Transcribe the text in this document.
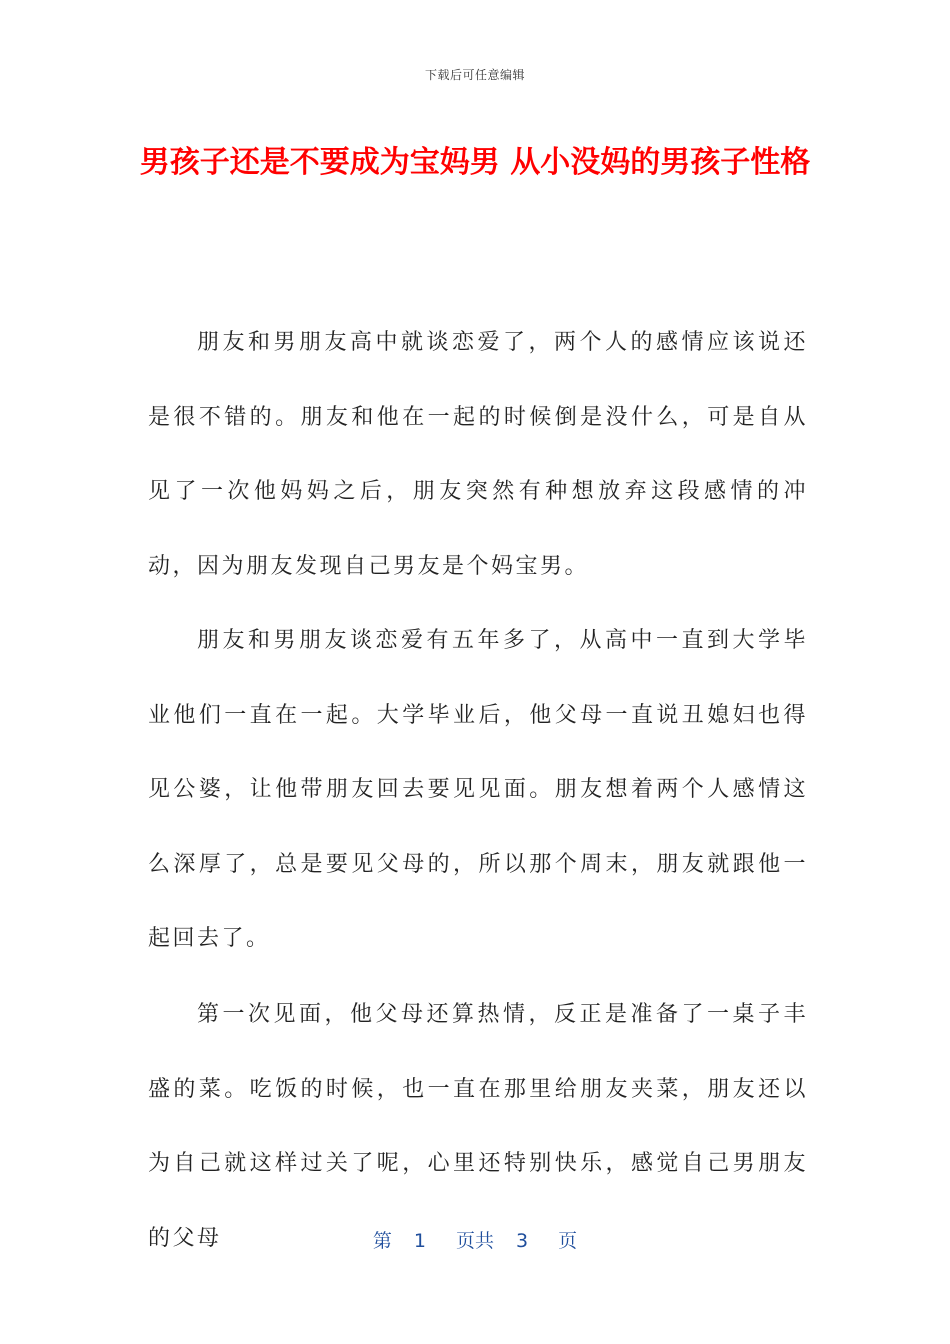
下载后可任意编辑
男孩子还是不要成为宝妈男 从小没妈的男孩子性格

朋友和男朋友高中就谈恋爱了，两个人的感情应该说还是很不错的。朋友和他在一起的时候倒是没什么，可是自从见了一次他妈妈之后，朋友突然有种想放弃这段感情的冲动，因为朋友发现自己男友是个妈宝男。

朋友和男朋友谈恋爱有五年多了，从高中一直到大学毕业他们一直在一起。大学毕业后，他父母一直说丑媳妇也得见公婆，让他带朋友回去要见见面。朋友想着两个人感情这么深厚了，总是要见父母的，所以那个周末，朋友就跟他一起回去了。

第一次见面，他父母还算热情，反正是准备了一桌子丰盛的菜。吃饭的时候，也一直在那里给朋友夹菜，朋友还以为自己就这样过关了呢，心里还特别快乐，感觉自己男朋友的父母	第 1 页共 3 页
